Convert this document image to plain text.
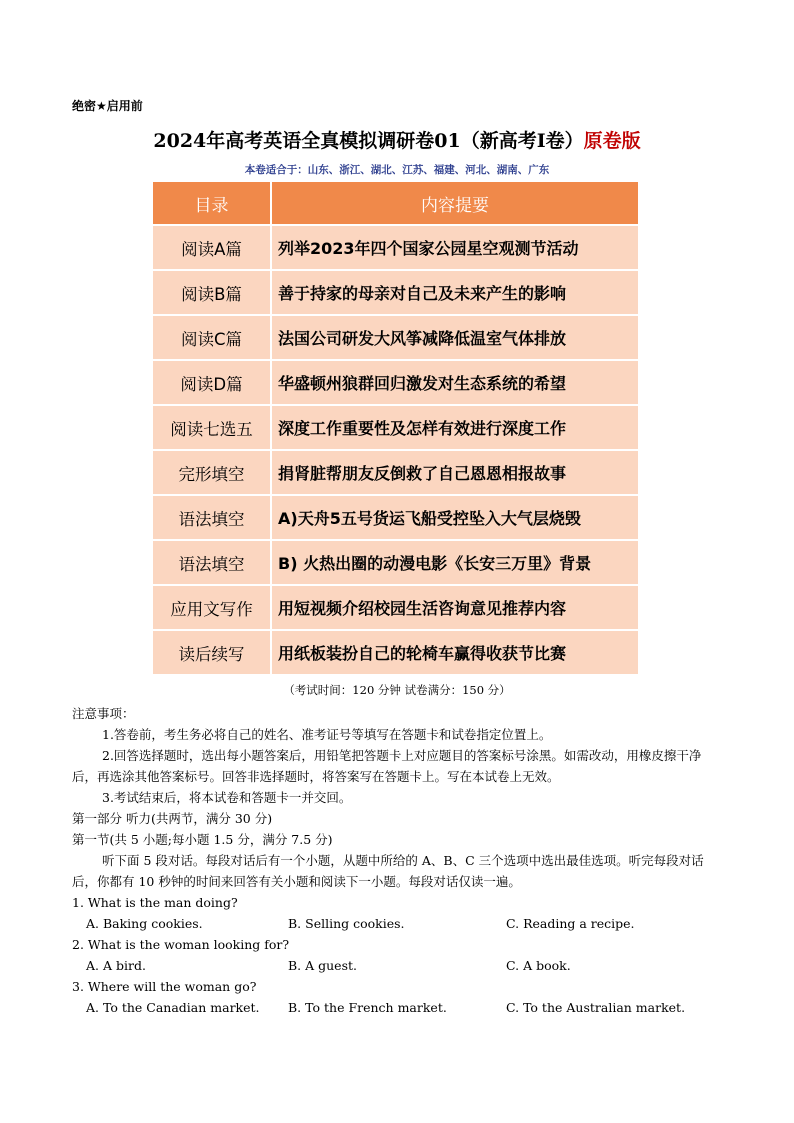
绝密★启用前
2024年高考英语全真模拟调研卷01（新高考I卷）原卷版
本卷适合于：山东、浙江、湖北、江苏、福建、河北、湖南、广东
目录	内容提要
阅读A篇	列举2023年四个国家公园星空观测节活动
阅读B篇	善于持家的母亲对自己及未来产生的影响
阅读C篇	法国公司研发大风筝减降低温室气体排放
阅读D篇	华盛顿州狼群回归激发对生态系统的希望
阅读七选五	深度工作重要性及怎样有效进行深度工作
完形填空	捐肾脏帮朋友反倒救了自己恩恩相报故事
语法填空	A)天舟5五号货运飞船受控坠入大气层烧毁
语法填空	B) 火热出圈的动漫电影《长安三万里》背景
应用文写作	用短视频介绍校园生活咨询意见推荐内容
读后续写	用纸板装扮自己的轮椅车赢得收获节比赛
（考试时间：120 分钟 试卷满分：150 分）
注意事项：
1.答卷前，考生务必将自己的姓名、准考证号等填写在答题卡和试卷指定位置上。
2.回答选择题时，选出每小题答案后，用铅笔把答题卡上对应题目的答案标号涂黑。如需改动，用橡皮擦干净后，再选涂其他答案标号。回答非选择题时，将答案写在答题卡上。写在本试卷上无效。
3.考试结束后，将本试卷和答题卡一并交回。
第一部分 听力(共两节，满分 30 分)
第一节(共 5 小题;每小题 1.5 分，满分 7.5 分)
听下面 5 段对话。每段对话后有一个小题，从题中所给的 A、B、C 三个选项中选出最佳选项。听完每段对话后，你都有 10 秒钟的时间来回答有关小题和阅读下一小题。每段对话仅读一遍。
1. What is the man doing?
A. Baking cookies.	B. Selling cookies.	C. Reading a recipe.
2. What is the woman looking for?
A. A bird.	B. A guest.	C. A book.
3. Where will the woman go?
A. To the Canadian market.	B. To the French market.	C. To the Australian market.
